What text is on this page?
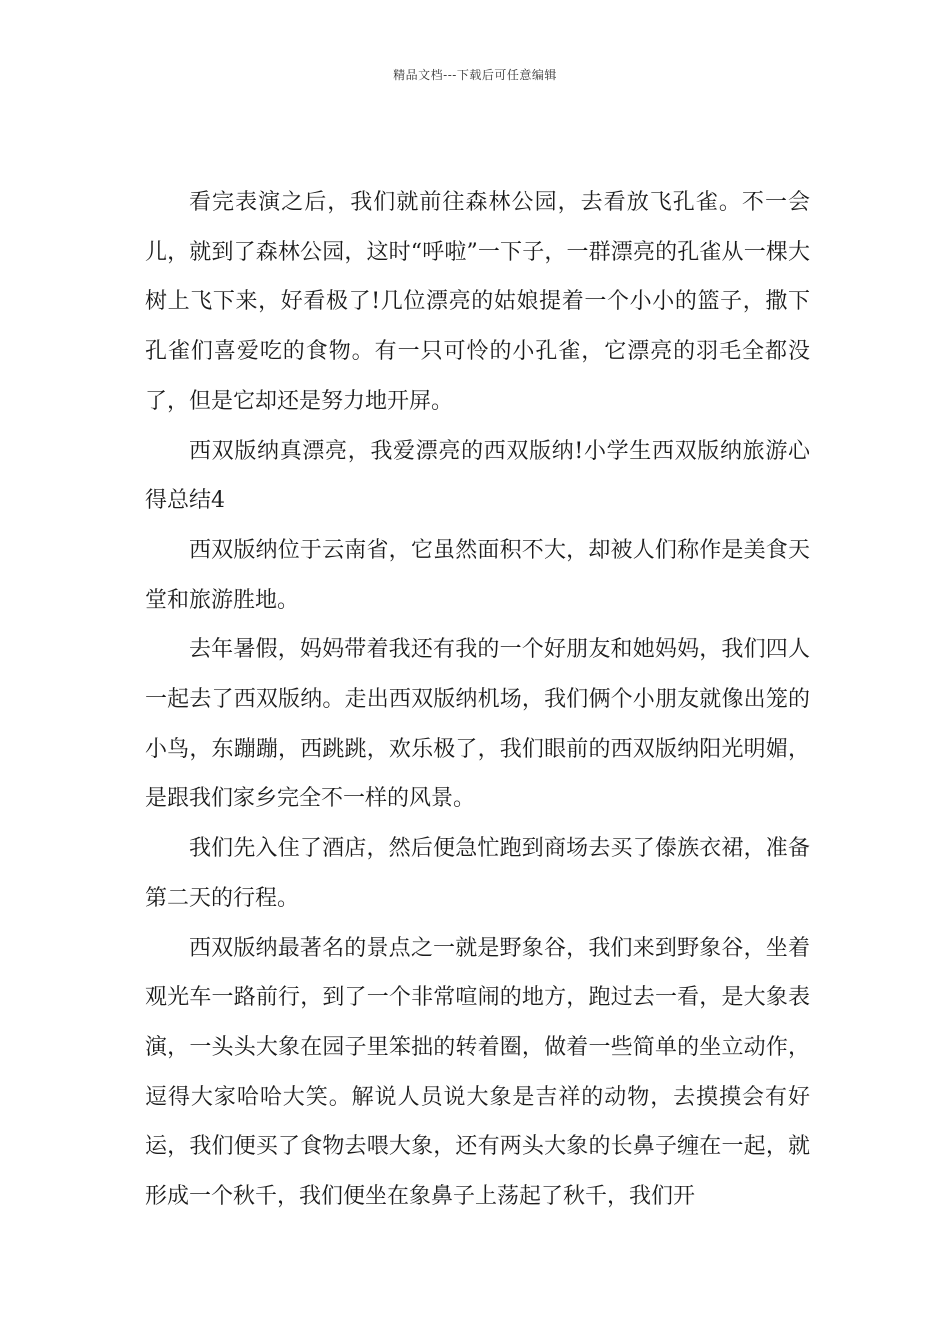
精品文档---下载后可任意编辑

看完表演之后，我们就前往森林公园，去看放飞孔雀。不一会儿，就到了森林公园，这时“呼啦”一下子，一群漂亮的孔雀从一棵大树上飞下来，好看极了!几位漂亮的姑娘提着一个小小的篮子，撒下孔雀们喜爱吃的食物。有一只可怜的小孔雀，它漂亮的羽毛全都没了，但是它却还是努力地开屏。

西双版纳真漂亮，我爱漂亮的西双版纳!小学生西双版纳旅游心得总结4

西双版纳位于云南省，它虽然面积不大，却被人们称作是美食天堂和旅游胜地。

去年暑假，妈妈带着我还有我的一个好朋友和她妈妈，我们四人一起去了西双版纳。走出西双版纳机场，我们俩个小朋友就像出笼的小鸟，东蹦蹦，西跳跳，欢乐极了，我们眼前的西双版纳阳光明媚，是跟我们家乡完全不一样的风景。

我们先入住了酒店，然后便急忙跑到商场去买了傣族衣裙，准备第二天的行程。

西双版纳最著名的景点之一就是野象谷，我们来到野象谷，坐着观光车一路前行，到了一个非常喧闹的地方，跑过去一看，是大象表演，一头头大象在园子里笨拙的转着圈，做着一些简单的坐立动作，逗得大家哈哈大笑。解说人员说大象是吉祥的动物，去摸摸会有好运，我们便买了食物去喂大象，还有两头大象的长鼻子缠在一起，就形成一个秋千，我们便坐在象鼻子上荡起了秋千，我们开
